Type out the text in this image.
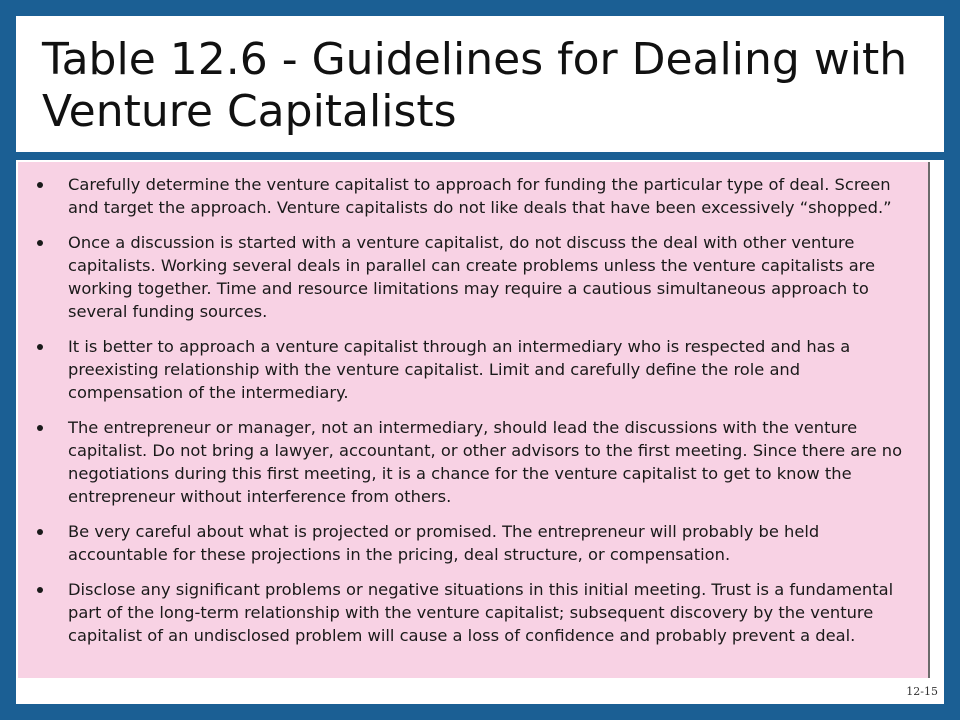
Table 12.6 - Guidelines for Dealing with Venture Capitalists
Carefully determine the venture capitalist to approach for funding the particular type of deal. Screen and target the approach. Venture capitalists do not like deals that have been excessively “shopped.”
Once a discussion is started with a venture capitalist, do not discuss the deal with other venture capitalists. Working several deals in parallel can create problems unless the venture capitalists are working together. Time and resource limitations may require a cautious simultaneous approach to several funding sources.
It is better to approach a venture capitalist through an intermediary who is respected and has a preexisting relationship with the venture capitalist. Limit and carefully define the role and compensation of the intermediary.
The entrepreneur or manager, not an intermediary, should lead the discussions with the venture capitalist. Do not bring a lawyer, accountant, or other advisors to the first meeting. Since there are no negotiations during this first meeting, it is a chance for the venture capitalist to get to know the entrepreneur without interference from others.
Be very careful about what is projected or promised. The entrepreneur will probably be held accountable for these projections in the pricing, deal structure, or compensation.
Disclose any significant problems or negative situations in this initial meeting. Trust is a fundamental part of the long-term relationship with the venture capitalist; subsequent discovery by the venture capitalist of an undisclosed problem will cause a loss of confidence and probably prevent a deal.
12-15
